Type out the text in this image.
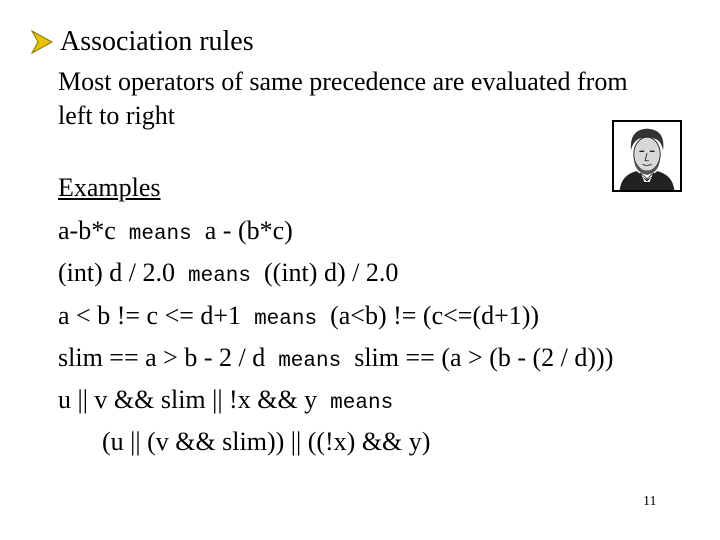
Association rules
Most operators of same precedence are evaluated from
left to right
Examples
a-b*c means a - (b*c)
(int) d / 2.0 means ((int) d) / 2.0
a < b != c <= d+1 means (a<b) != (c<=(d+1))
slim == a > b - 2 / d means slim == (a > (b - (2 / d)))
u || v && slim || !x && y means
(u || (v && slim)) || ((!x) && y)
11
